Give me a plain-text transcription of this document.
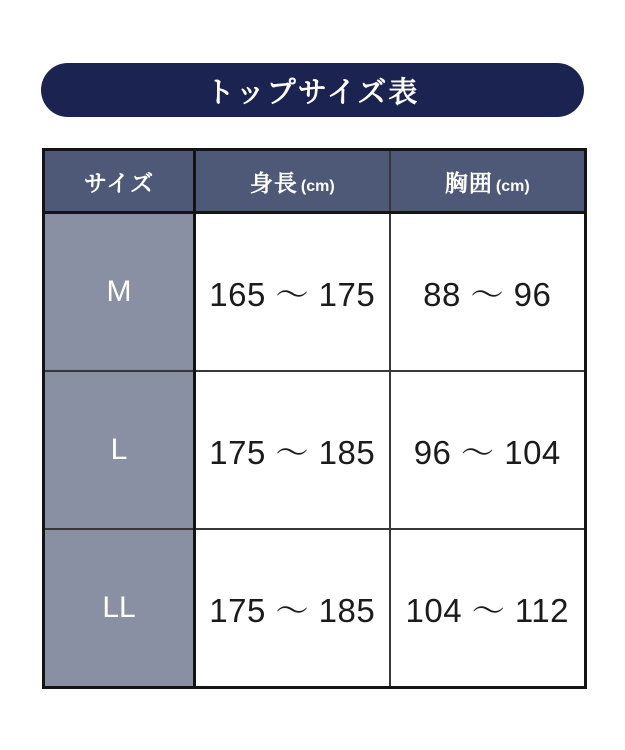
トップサイズ表
サイズ	身長 (cm)	胸囲 (cm)
M	165 〜 175	88 〜 96
L	175 〜 185	96 〜 104
LL	175 〜 185	104 〜 112
